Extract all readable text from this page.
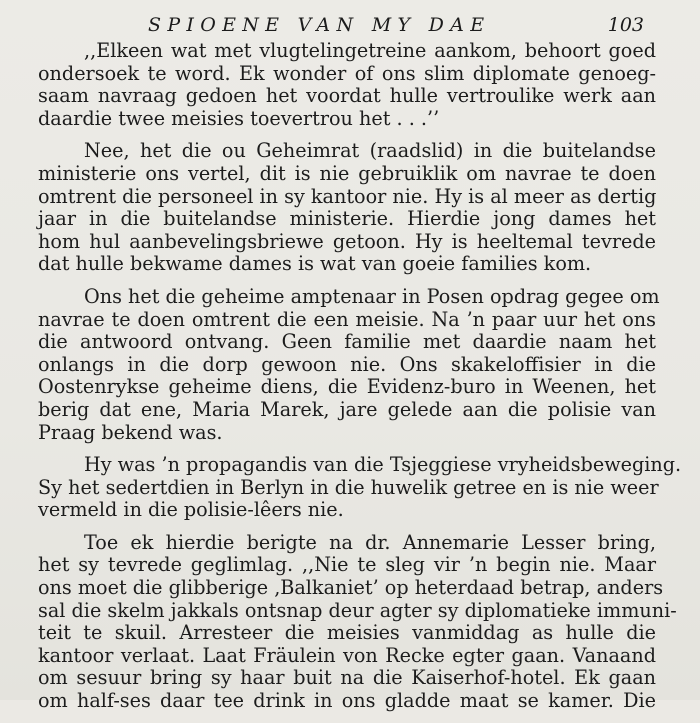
SPIOENE VAN MY DAE	103
,,Elkeen wat met vlugtelingetreine aankom, behoort goed
ondersoek te word. Ek wonder of ons slim diplomate genoeg-
saam navraag gedoen het voordat hulle vertroulike werk aan
daardie twee meisies toevertrou het . . .’’
Nee, het die ou Geheimrat (raadslid) in die buitelandse
ministerie ons vertel, dit is nie gebruiklik om navrae te doen
omtrent die personeel in sy kantoor nie. Hy is al meer as dertig
jaar in die buitelandse ministerie. Hierdie jong dames het
hom hul aanbevelingsbriewe getoon. Hy is heeltemal tevrede
dat hulle bekwame dames is wat van goeie families kom.
Ons het die geheime amptenaar in Posen opdrag gegee om
navrae te doen omtrent die een meisie. Na ’n paar uur het ons
die antwoord ontvang. Geen familie met daardie naam het
onlangs in die dorp gewoon nie. Ons skakeloffisier in die
Oostenrykse geheime diens, die Evidenz-buro in Weenen, het
berig dat ene, Maria Marek, jare gelede aan die polisie van
Praag bekend was.
Hy was ’n propagandis van die Tsjeggiese vryheidsbeweging.
Sy het sedertdien in Berlyn in die huwelik getree en is nie weer
vermeld in die polisie-lêers nie.
Toe ek hierdie berigte na dr. Annemarie Lesser bring,
het sy tevrede geglimlag. ,,Nie te sleg vir ’n begin nie. Maar
ons moet die glibberige ‚Balkaniet’ op heterdaad betrap, anders
sal die skelm jakkals ontsnap deur agter sy diplomatieke immuni-
teit te skuil. Arresteer die meisies vanmiddag as hulle die
kantoor verlaat. Laat Fräulein von Recke egter gaan. Vanaand
om sesuur bring sy haar buit na die Kaiserhof-hotel. Ek gaan
om half-ses daar tee drink in ons gladde maat se kamer. Die
